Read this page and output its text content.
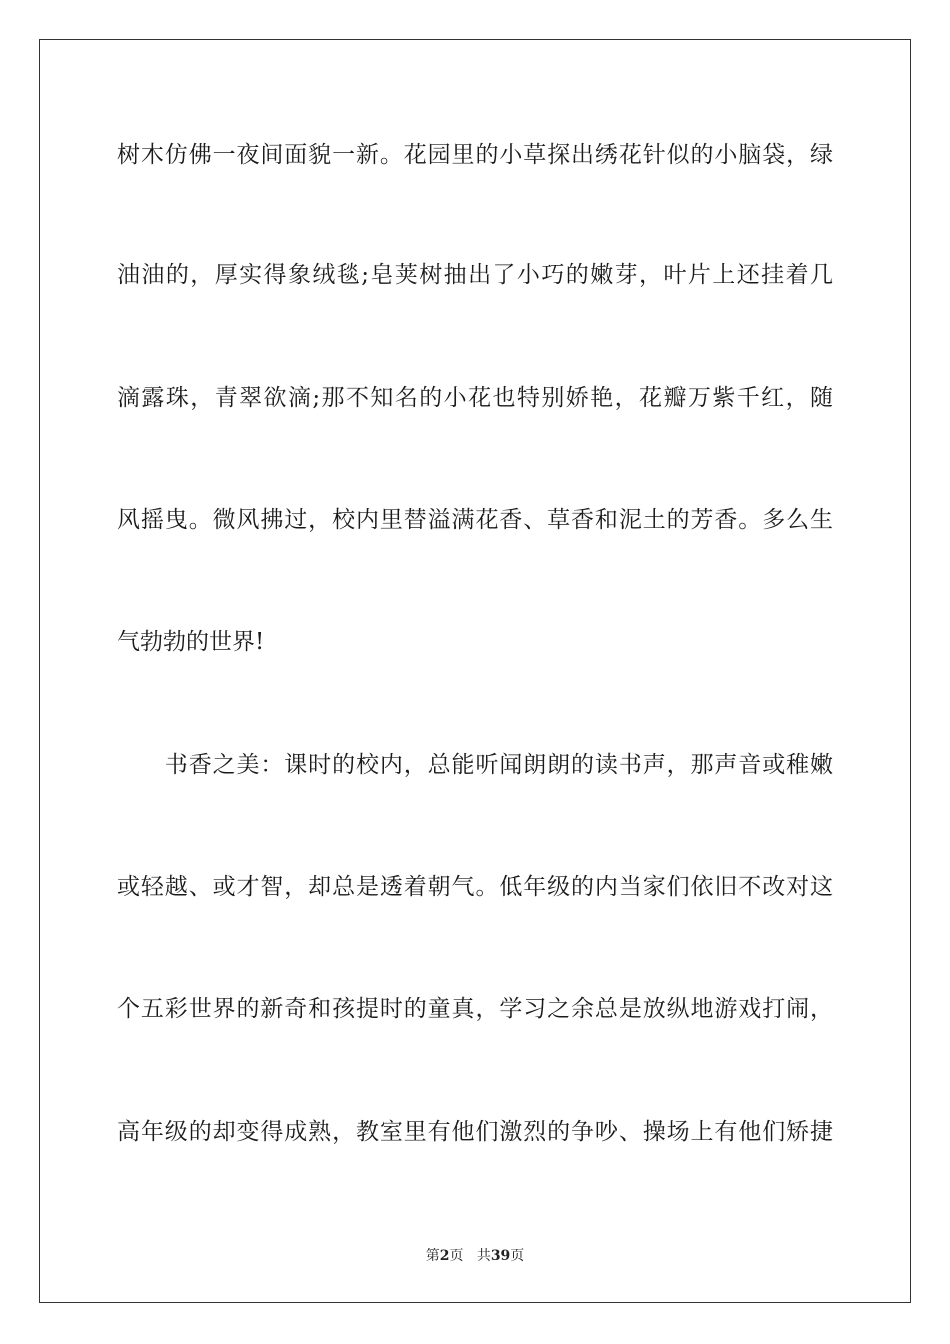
树木仿佛一夜间面貌一新。花园里的小草探出绣花针似的小脑袋，绿
油油的，厚实得象绒毯;皂荚树抽出了小巧的嫩芽，叶片上还挂着几
滴露珠，青翠欲滴;那不知名的小花也特别娇艳，花瓣万紫千红，随
风摇曳。微风拂过，校内里替溢满花香、草香和泥土的芳香。多么生
气勃勃的世界!
　　书香之美：课时的校内，总能听闻朗朗的读书声，那声音或稚嫩
或轻越、或才智，却总是透着朝气。低年级的内当家们依旧不改对这
个五彩世界的新奇和孩提时的童真，学习之余总是放纵地游戏打闹，
高年级的却变得成熟，教室里有他们激烈的争吵、操场上有他们矫捷
第2页 共39页
